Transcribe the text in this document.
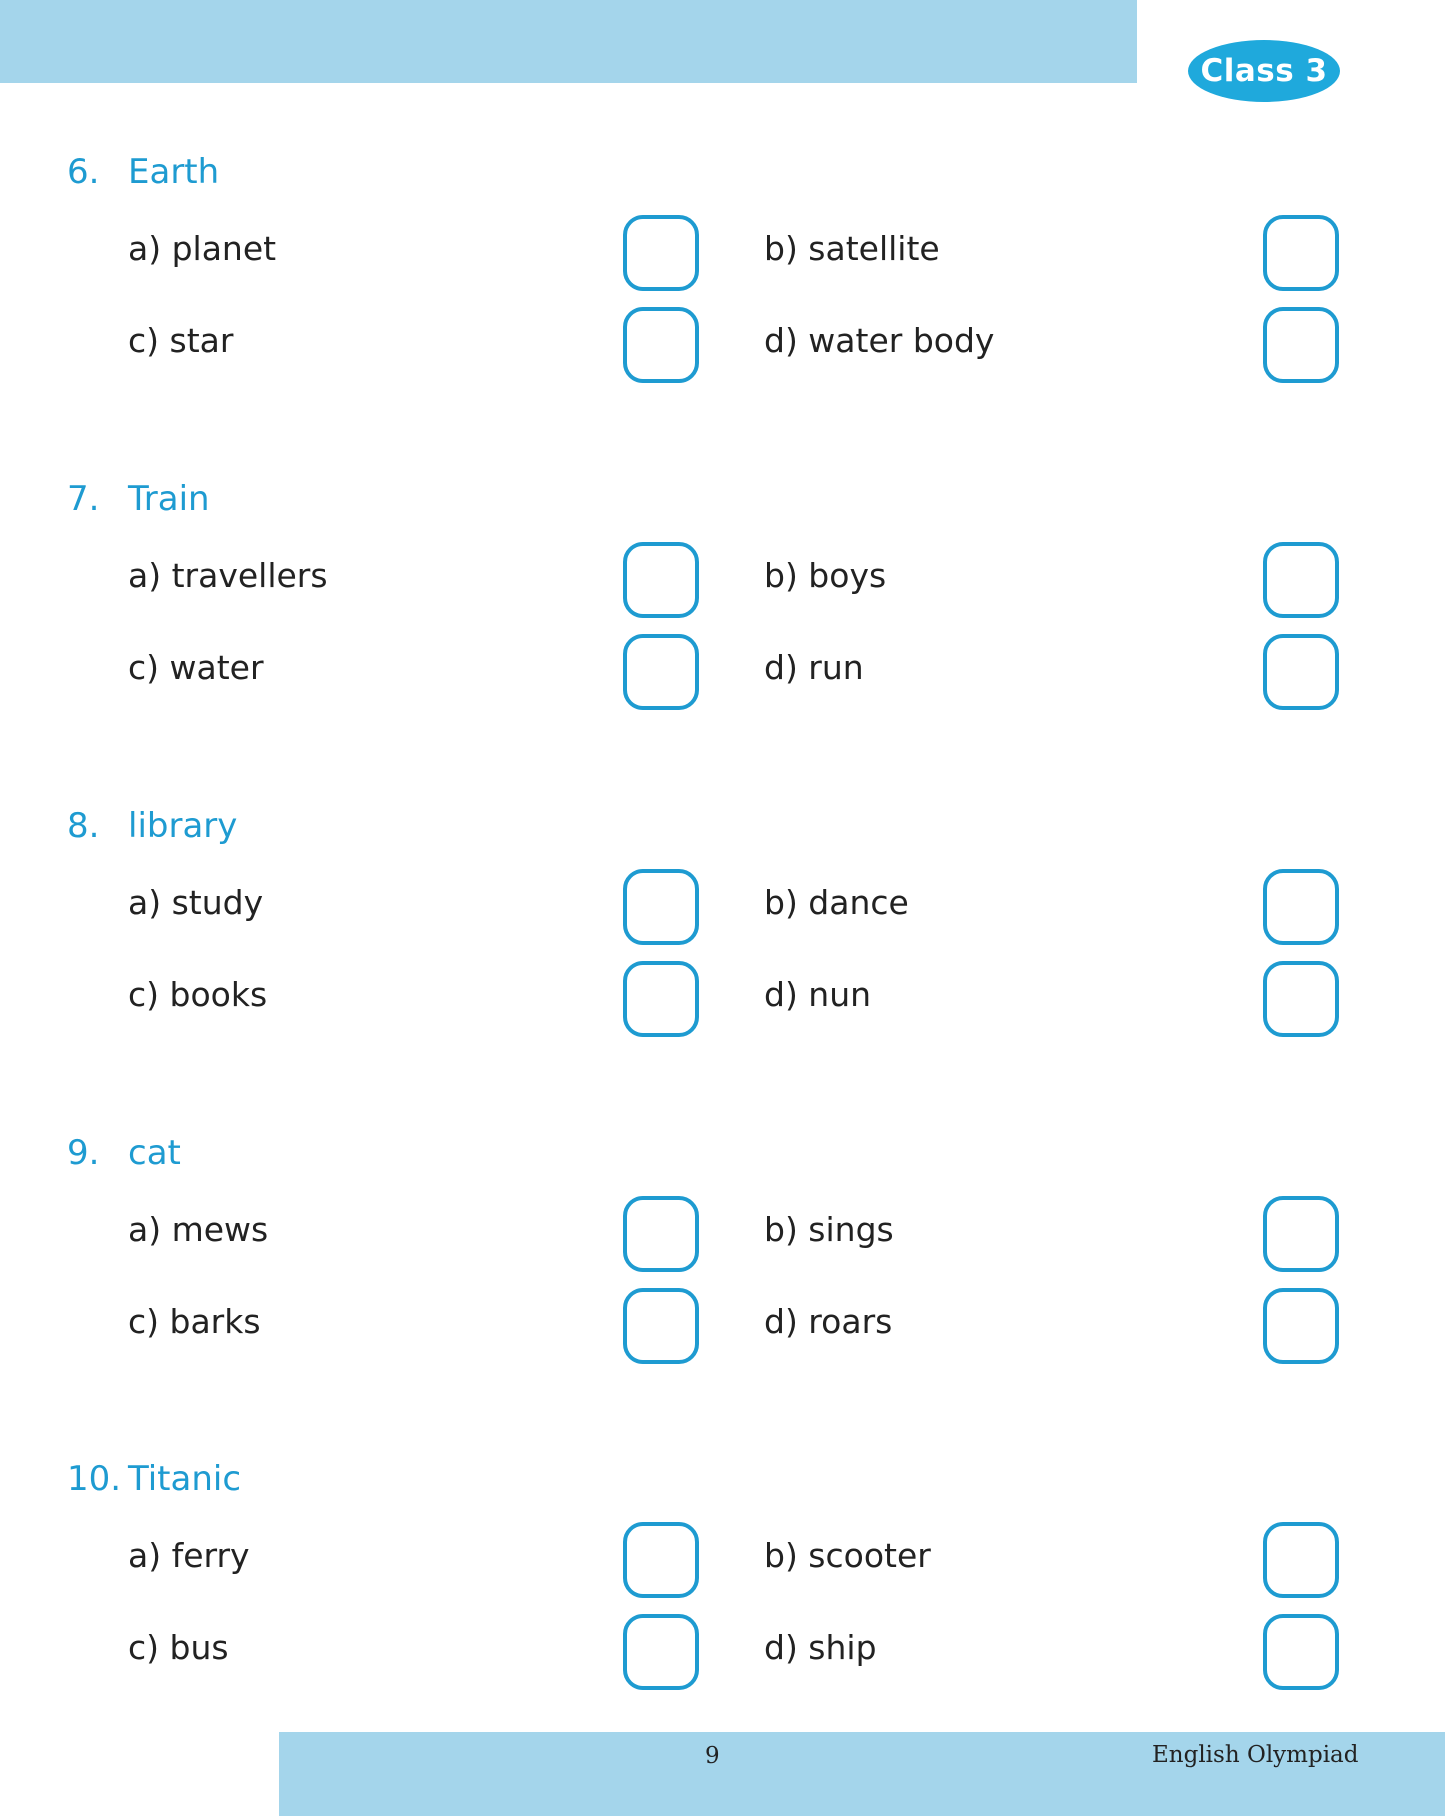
Class 3
6. Earth
a) planet	b) satellite
c) star	d) water body
7. Train
a) travellers	b) boys
c) water	d) run
8. library
a) study	b) dance
c) books	d) nun
9. cat
a) mews	b) sings
c) barks	d) roars
10. Titanic
a) ferry	b) scooter
c) bus	d) ship
9	English Olympiad
